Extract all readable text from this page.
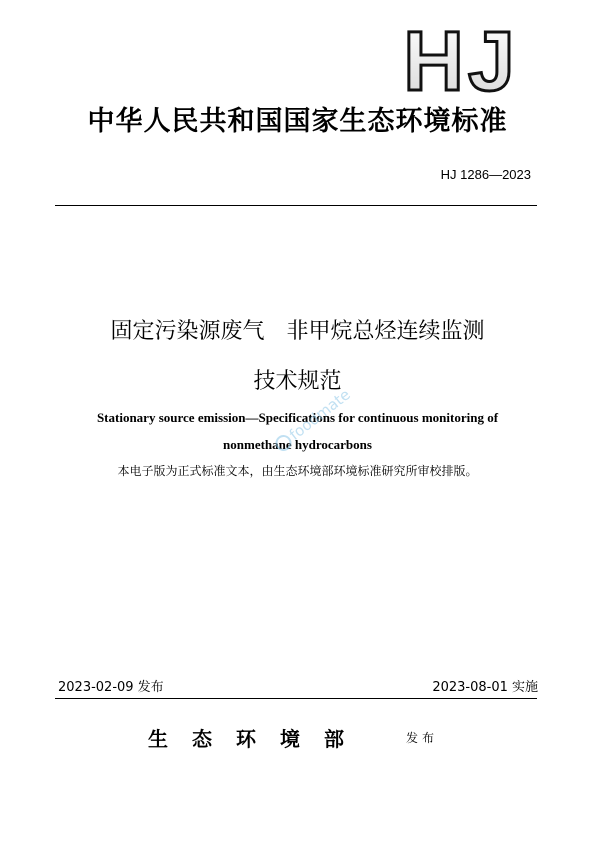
HJ
中华人民共和国国家生态环境标准
HJ 1286—2023
固定污染源废气　非甲烷总烃连续监测
技术规范
Stationary source emission—Specifications for continuous monitoring of
nonmethane hydrocarbons
foodmate
本电子版为正式标准文本，由生态环境部环境标准研究所审校排版。
2023-02-09 发布	2023-08-01 实施
生态环境部	发布
